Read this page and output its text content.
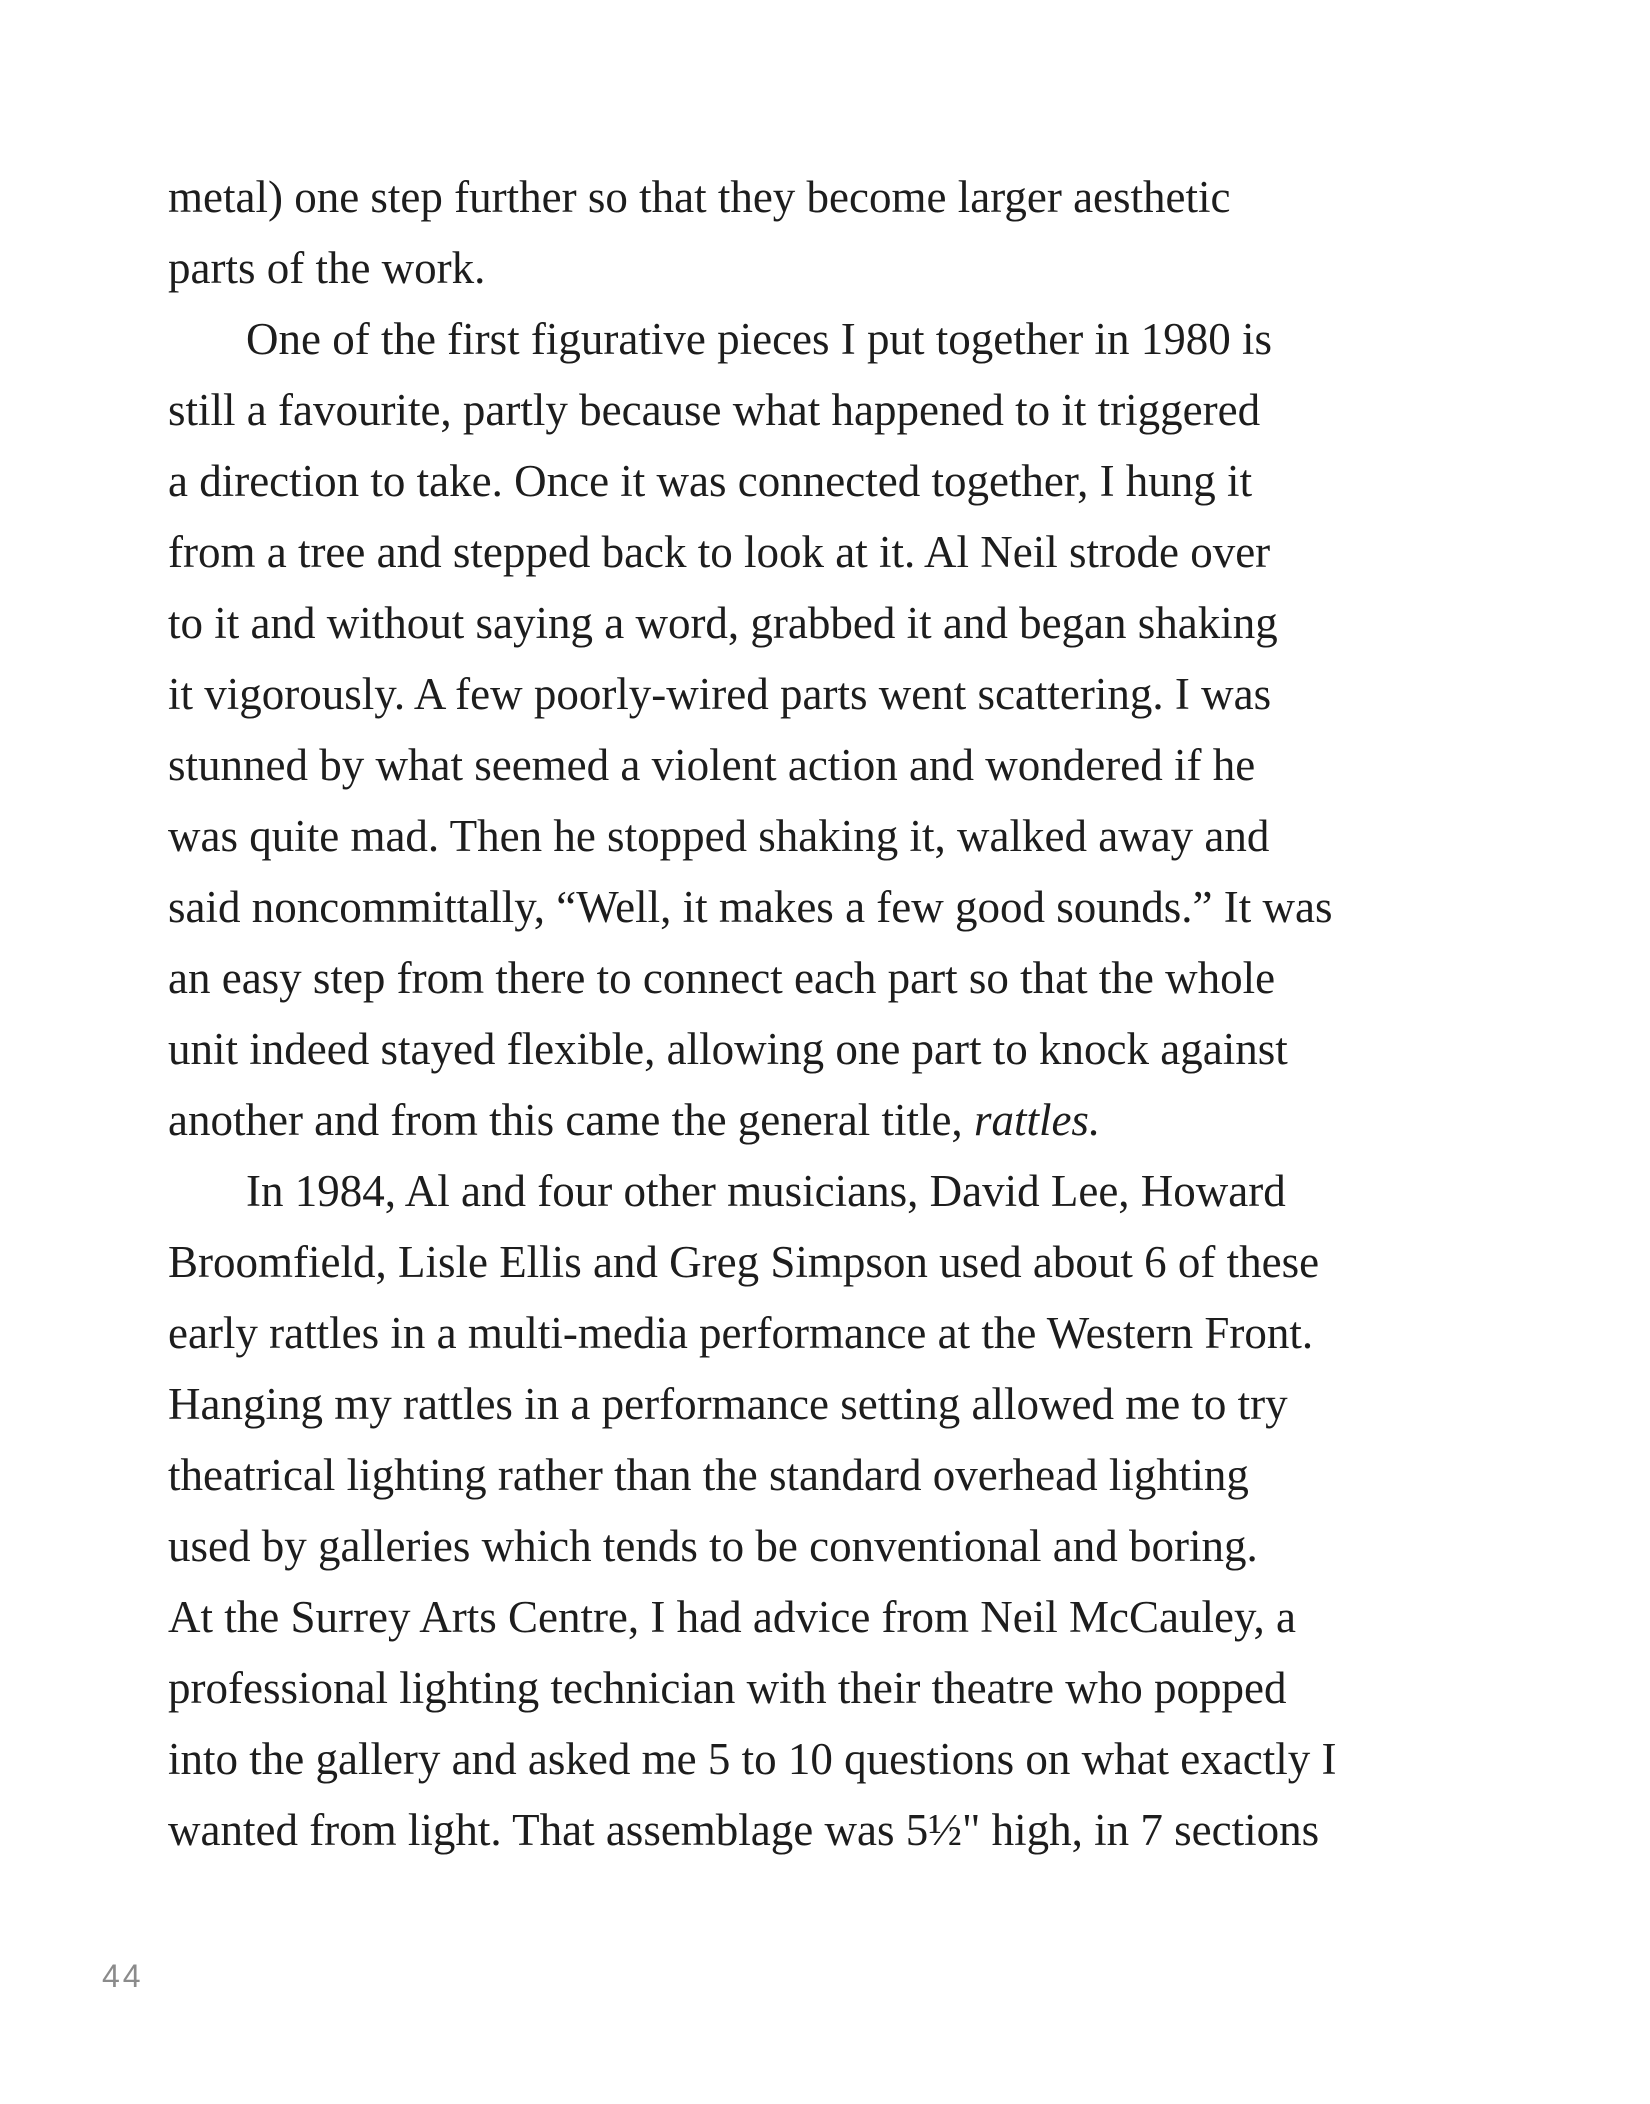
metal) one step further so that they become larger aesthetic
parts of the work.
One of the first figurative pieces I put together in 1980 is
still a favourite, partly because what happened to it triggered
a direction to take. Once it was connected together, I hung it
from a tree and stepped back to look at it. Al Neil strode over
to it and without saying a word, grabbed it and began shaking
it vigorously. A few poorly-wired parts went scattering. I was
stunned by what seemed a violent action and wondered if he
was quite mad. Then he stopped shaking it, walked away and
said noncommittally, “Well, it makes a few good sounds.” It was
an easy step from there to connect each part so that the whole
unit indeed stayed flexible, allowing one part to knock against
another and from this came the general title, rattles.
In 1984, Al and four other musicians, David Lee, Howard
Broomfield, Lisle Ellis and Greg Simpson used about 6 of these
early rattles in a multi-media performance at the Western Front.
Hanging my rattles in a performance setting allowed me to try
theatrical lighting rather than the standard overhead lighting
used by galleries which tends to be conventional and boring.
At the Surrey Arts Centre, I had advice from Neil McCauley, a
professional lighting technician with their theatre who popped
into the gallery and asked me 5 to 10 questions on what exactly I
wanted from light. That assemblage was 5½" high, in 7 sections
44
